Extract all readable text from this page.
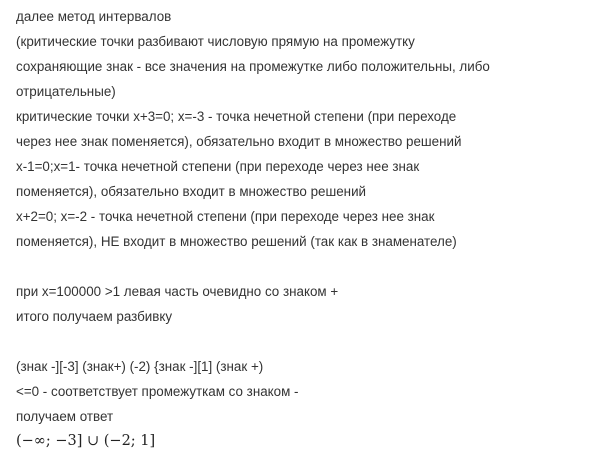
далее метод интервалов
(критические точки разбивают числовую прямую на промежутку
сохраняющие знак - все значения на промежутке либо положительны, либо
отрицательные)
критические точки x+3=0; x=-3 - точка нечетной степени (при переходе
через нее знак поменяется), обязательно входит в множество решений
x-1=0;x=1- точка нечетной степени (при переходе через нее знак
поменяется), обязательно входит в множество решений
x+2=0; x=-2 - точка нечетной степени (при переходе через нее знак
поменяется), НЕ входит в множество решений (так как в знаменателе)
при x=100000 >1 левая часть очевидно со знаком +
итого получаем разбивку
(знак -][-3] (знак+) (-2) {знак -][1] (знак +)
<=0 - соответствует промежуткам со знаком -
получаем ответ
(−∞; −3] ∪ (−2; 1]
